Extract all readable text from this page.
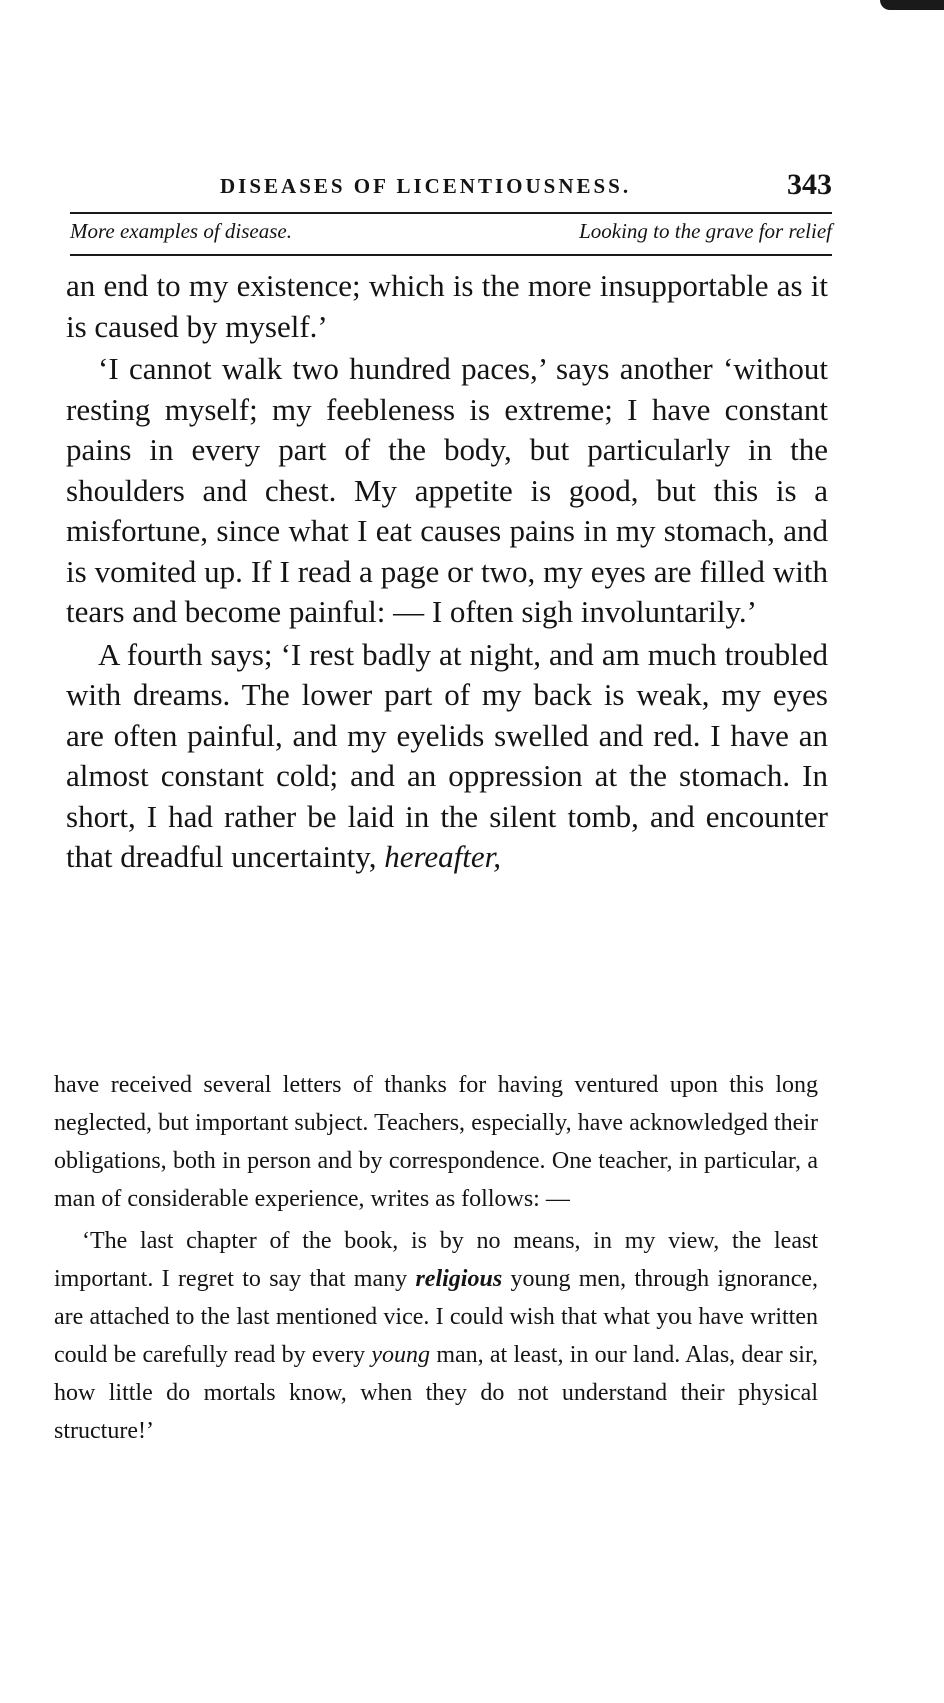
DISEASES OF LICENTIOUSNESS.	343
More examples of disease.	Looking to the grave for relief

an end to my existence; which is the more insupportable as it is caused by myself.’

‘I cannot walk two hundred paces,’ says another ‘without resting myself; my feebleness is extreme; I have constant pains in every part of the body, but particularly in the shoulders and chest. My appetite is good, but this is a misfortune, since what I eat causes pains in my stomach, and is vomited up. If I read a page or two, my eyes are filled with tears and become painful: — I often sigh involuntarily.’

A fourth says; ‘I rest badly at night, and am much troubled with dreams. The lower part of my back is weak, my eyes are often painful, and my eyelids swelled and red. I have an almost constant cold; and an oppression at the stomach. In short, I had rather be laid in the silent tomb, and encounter that dreadful uncertainty, hereafter,

have received several letters of thanks for having ventured upon this long neglected, but important subject. Teachers, especially, have acknowledged their obligations, both in person and by correspondence. One teacher, in particular, a man of considerable experience, writes as follows: —

‘The last chapter of the book, is by no means, in my view, the least important. I regret to say that many religious young men, through ignorance, are attached to the last mentioned vice. I could wish that what you have written could be carefully read by every young man, at least, in our land. Alas, dear sir, how little do mortals know, when they do not understand their physical structure!’
